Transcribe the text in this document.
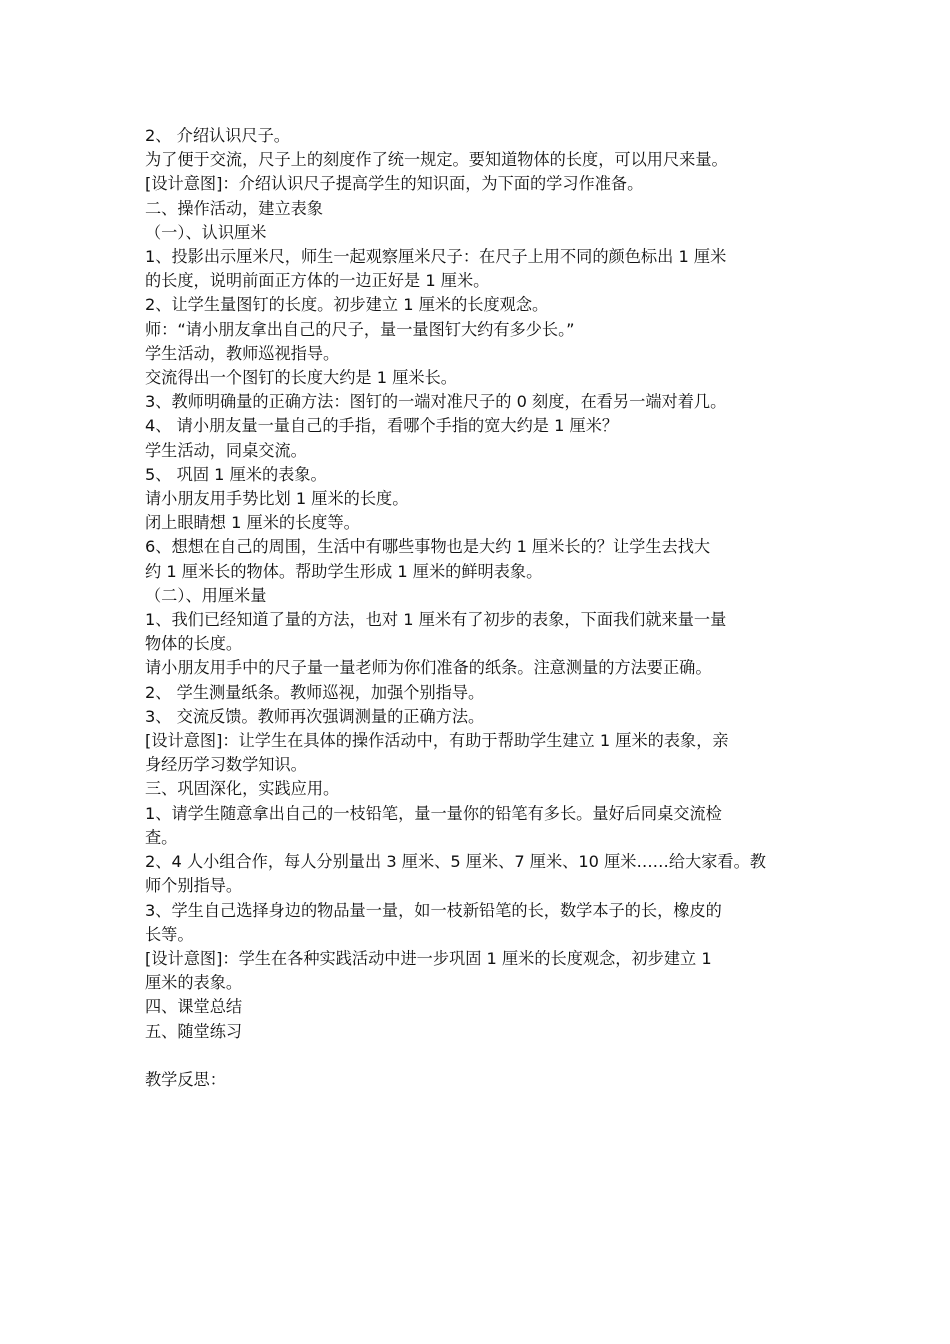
2、 介绍认识尺子。

为了便于交流，尺子上的刻度作了统一规定。要知道物体的长度，可以用尺来量。

[设计意图]：介绍认识尺子提高学生的知识面，为下面的学习作准备。

二、操作活动，建立表象

（一）、认识厘米

1、投影出示厘米尺，师生一起观察厘米尺子：在尺子上用不同的颜色标出 1 厘米

的长度，说明前面正方体的一边正好是 1 厘米。

2、让学生量图钉的长度。初步建立 1 厘米的长度观念。

师：“请小朋友拿出自己的尺子，量一量图钉大约有多少长。”

学生活动，教师巡视指导。

交流得出一个图钉的长度大约是 1 厘米长。

3、教师明确量的正确方法：图钉的一端对准尺子的 0 刻度，在看另一端对着几。

4、 请小朋友量一量自己的手指，看哪个手指的宽大约是 1 厘米？

学生活动，同桌交流。

5、 巩固 1 厘米的表象。

请小朋友用手势比划 1 厘米的长度。

闭上眼睛想 1 厘米的长度等。

6、想想在自己的周围，生活中有哪些事物也是大约 1 厘米长的？让学生去找大

约 1 厘米长的物体。帮助学生形成 1 厘米的鲜明表象。

（二）、用厘米量

1、我们已经知道了量的方法，也对 1 厘米有了初步的表象，下面我们就来量一量

物体的长度。

请小朋友用手中的尺子量一量老师为你们准备的纸条。注意测量的方法要正确。

2、 学生测量纸条。教师巡视，加强个别指导。

3、 交流反馈。教师再次强调测量的正确方法。

[设计意图]：让学生在具体的操作活动中，有助于帮助学生建立 1 厘米的表象，亲

身经历学习数学知识。

三、巩固深化，实践应用。

1、请学生随意拿出自己的一枝铅笔，量一量你的铅笔有多长。量好后同桌交流检

查。

2、4 人小组合作，每人分别量出 3 厘米、5 厘米、7 厘米、10 厘米……给大家看。教

师个别指导。

3、学生自己选择身边的物品量一量，如一枝新铅笔的长，数学本子的长，橡皮的

长等。

[设计意图]：学生在各种实践活动中进一步巩固 1 厘米的长度观念，初步建立 1

厘米的表象。

四、课堂总结

五、随堂练习

教学反思：
